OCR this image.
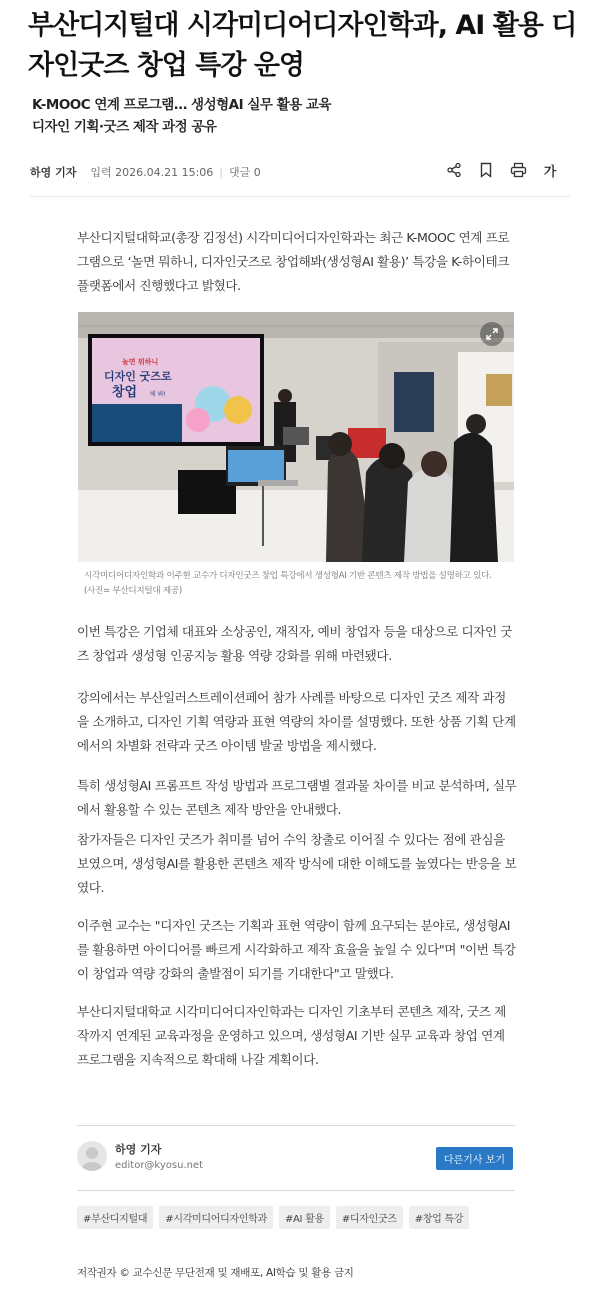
부산디지털대 시각미디어디자인학과, AI 활용 디자인굿즈 창업 특강 운영
K-MOOC 연계 프로그램… 생성형AI 실무 활용 교육
디자인 기획·굿즈 제작 과정 공유
하영 기자 입력 2026.04.21 15:06 | 댓글 0	가

부산디지털대학교(총장 김정선) 시각미디어디자인학과는 최근 K-MOOC 연계 프로그램으로 ‘놀면 뭐하니, 디자인굿즈로 창업해봐(생성형AI 활용)’ 특강을 K-하이테크 플랫폼에서 진행했다고 밝혔다.

놀면 뭐하니
디자인 굿즈로
창업 해 봐!
시각미디어디자인학과 이주현 교수가 디자인굿즈 창업 특강에서 생성형AI 기반 콘텐츠 제작 방법을 설명하고 있다.
(사진= 부산디지털대 제공)

이번 특강은 기업체 대표와 소상공인, 재직자, 예비 창업자 등을 대상으로 디자인 굿즈 창업과 생성형 인공지능 활용 역량 강화를 위해 마련됐다.

강의에서는 부산일러스트레이션페어 참가 사례를 바탕으로 디자인 굿즈 제작 과정을 소개하고, 디자인 기획 역량과 표현 역량의 차이를 설명했다. 또한 상품 기획 단계에서의 차별화 전략과 굿즈 아이템 발굴 방법을 제시했다.

특히 생성형AI 프롬프트 작성 방법과 프로그램별 결과물 차이를 비교 분석하며, 실무에서 활용할 수 있는 콘텐츠 제작 방안을 안내했다.

참가자들은 디자인 굿즈가 취미를 넘어 수익 창출로 이어질 수 있다는 점에 관심을 보였으며, 생성형AI를 활용한 콘텐츠 제작 방식에 대한 이해도를 높였다는 반응을 보였다.

이주현 교수는 "디자인 굿즈는 기획과 표현 역량이 함께 요구되는 분야로, 생성형AI를 활용하면 아이디어를 빠르게 시각화하고 제작 효율을 높일 수 있다"며 "이번 특강이 창업과 역량 강화의 출발점이 되기를 기대한다"고 말했다.

부산디지털대학교 시각미디어디자인학과는 디자인 기초부터 콘텐츠 제작, 굿즈 제작까지 연계된 교육과정을 운영하고 있으며, 생성형AI 기반 실무 교육과 창업 연계 프로그램을 지속적으로 확대해 나갈 계획이다.

하영 기자
editor@kyosu.net	다른기사 보기
#부산디지털대	#시각미디어디자인학과	#AI 활용	#디자인굿즈	#창업 특강
저작권자 © 교수신문 무단전재 및 재배포, AI학습 및 활용 금지
